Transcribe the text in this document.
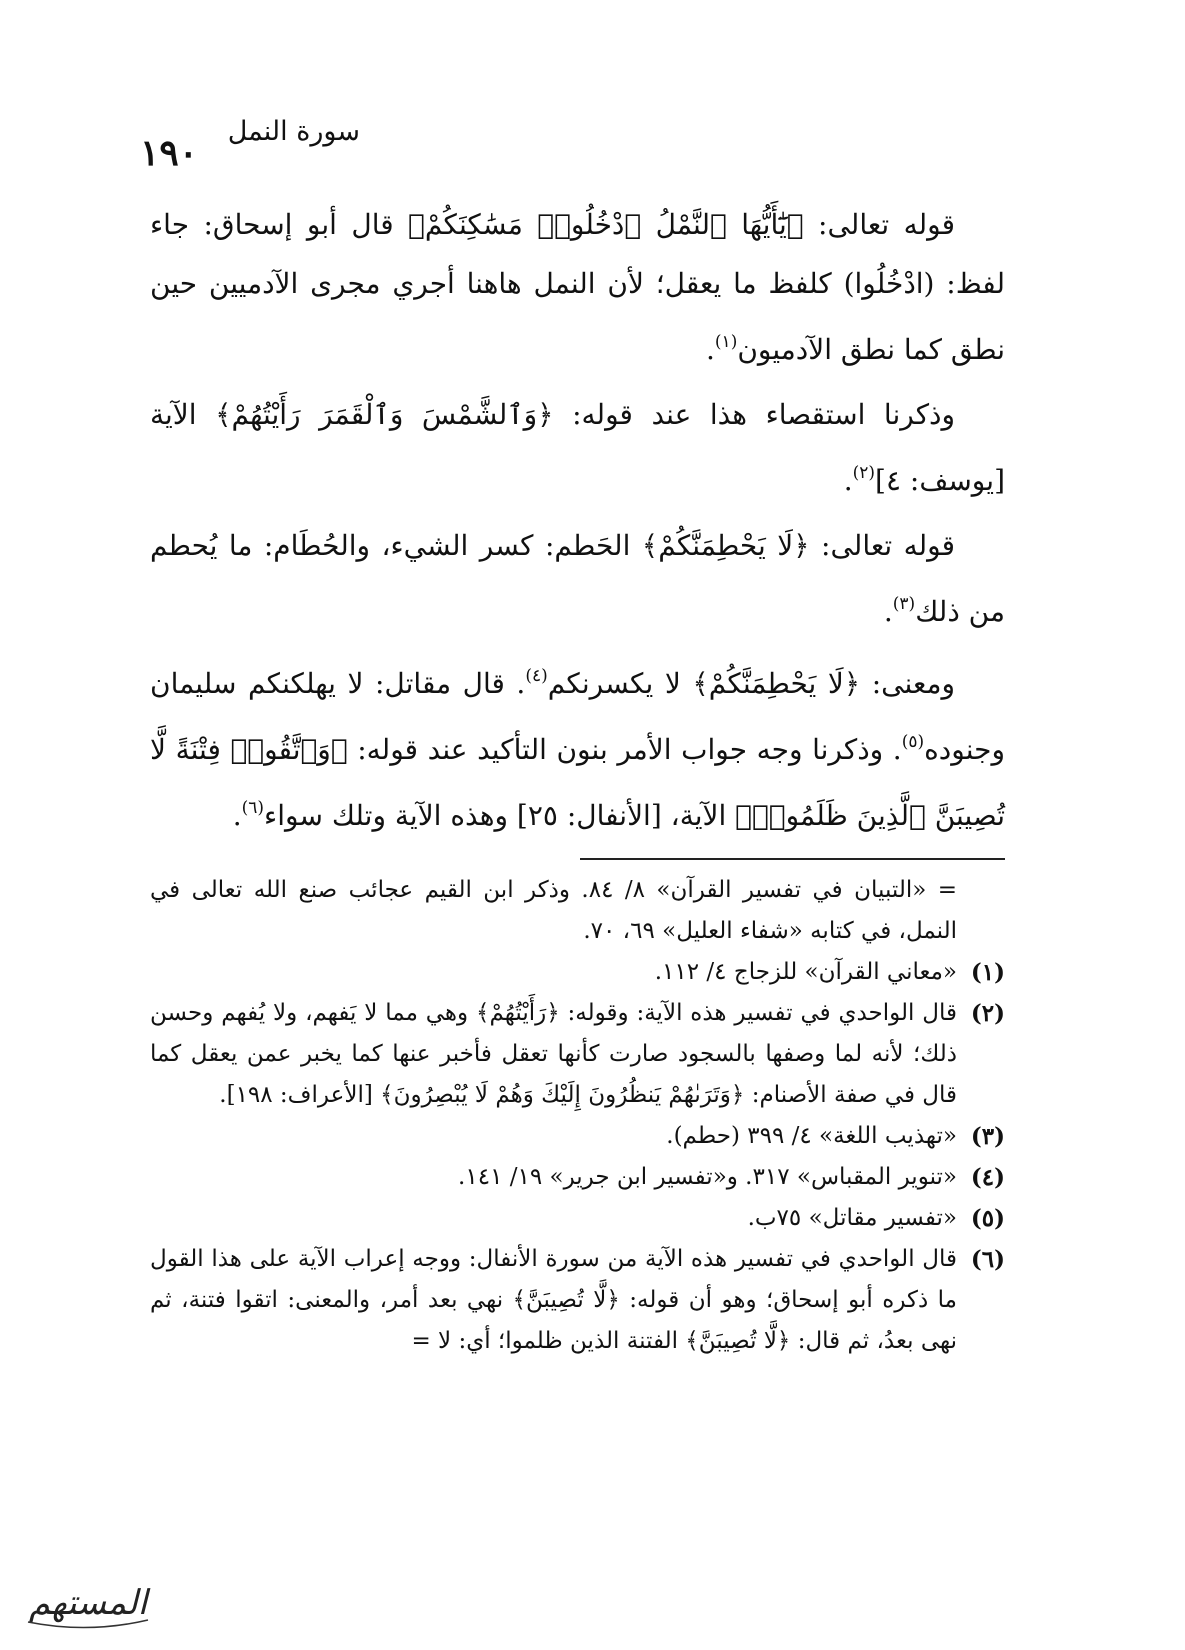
سورة النمل
١٩٠

قوله تعالى: ﴿يَٰٓأَيُّهَا ٱلنَّمْلُ ٱدْخُلُوا۟ مَسَٰكِنَكُمْ﴾ قال أبو إسحاق: جاء لفظ: (ادْخُلُوا) كلفظ ما يعقل؛ لأن النمل هاهنا أجري مجرى الآدميين حين نطق كما نطق الآدميون$^{(١)}$.

وذكرنا استقصاء هذا عند قوله: ﴿وَٱلشَّمْسَ وَٱلْقَمَرَ رَأَيْتُهُمْ﴾ الآية [يوسف: ٤]$^{(٢)}$.

قوله تعالى: ﴿لَا يَحْطِمَنَّكُمْ﴾ الحَطم: كسر الشيء، والحُطَام: ما يُحطم من ذلك$^{(٣)}$.

ومعنى: ﴿لَا يَحْطِمَنَّكُمْ﴾ لا يكسرنكم$^{(٤)}$. قال مقاتل: لا يهلكنكم سليمان وجنوده$^{(٥)}$. وذكرنا وجه جواب الأمر بنون التأكيد عند قوله: ﴿وَٱتَّقُوا۟ فِتْنَةً لَّا تُصِيبَنَّ ٱلَّذِينَ ظَلَمُوا۟﴾ الآية، [الأنفال: ٢٥] وهذه الآية وتلك سواء$^{(٦)}$.

= «التبيان في تفسير القرآن» ٨/ ٨٤. وذكر ابن القيم عجائب صنع الله تعالى في النمل، في كتابه «شفاء العليل» ٦٩، ٧٠.

(١)
«معاني القرآن» للزجاج ٤/ ١١٢.

(٢)
قال الواحدي في تفسير هذه الآية: وقوله: ﴿رَأَيْتُهُمْ﴾ وهي مما لا يَفهم، ولا يُفهم وحسن ذلك؛ لأنه لما وصفها بالسجود صارت كأنها تعقل فأخبر عنها كما يخبر عمن يعقل كما قال في صفة الأصنام: ﴿وَتَرَىٰهُمْ يَنظُرُونَ إِلَيْكَ وَهُمْ لَا يُبْصِرُونَ﴾ [الأعراف: ١٩٨].

(٣)
«تهذيب اللغة» ٤/ ٣٩٩ (حطم).

(٤)
«تنوير المقباس» ٣١٧. و«تفسير ابن جرير» ١٩/ ١٤١.

(٥)
«تفسير مقاتل» ٧٥ب.

(٦)
قال الواحدي في تفسير هذه الآية من سورة الأنفال: ووجه إعراب الآية على هذا القول ما ذكره أبو إسحاق؛ وهو أن قوله: ﴿لَّا تُصِيبَنَّ﴾ نهي بعد أمر، والمعنى: اتقوا فتنة، ثم نهى بعدُ، ثم قال: ﴿لَّا تُصِيبَنَّ﴾ الفتنة الذين ظلموا؛ أي: لا =

المستهم
